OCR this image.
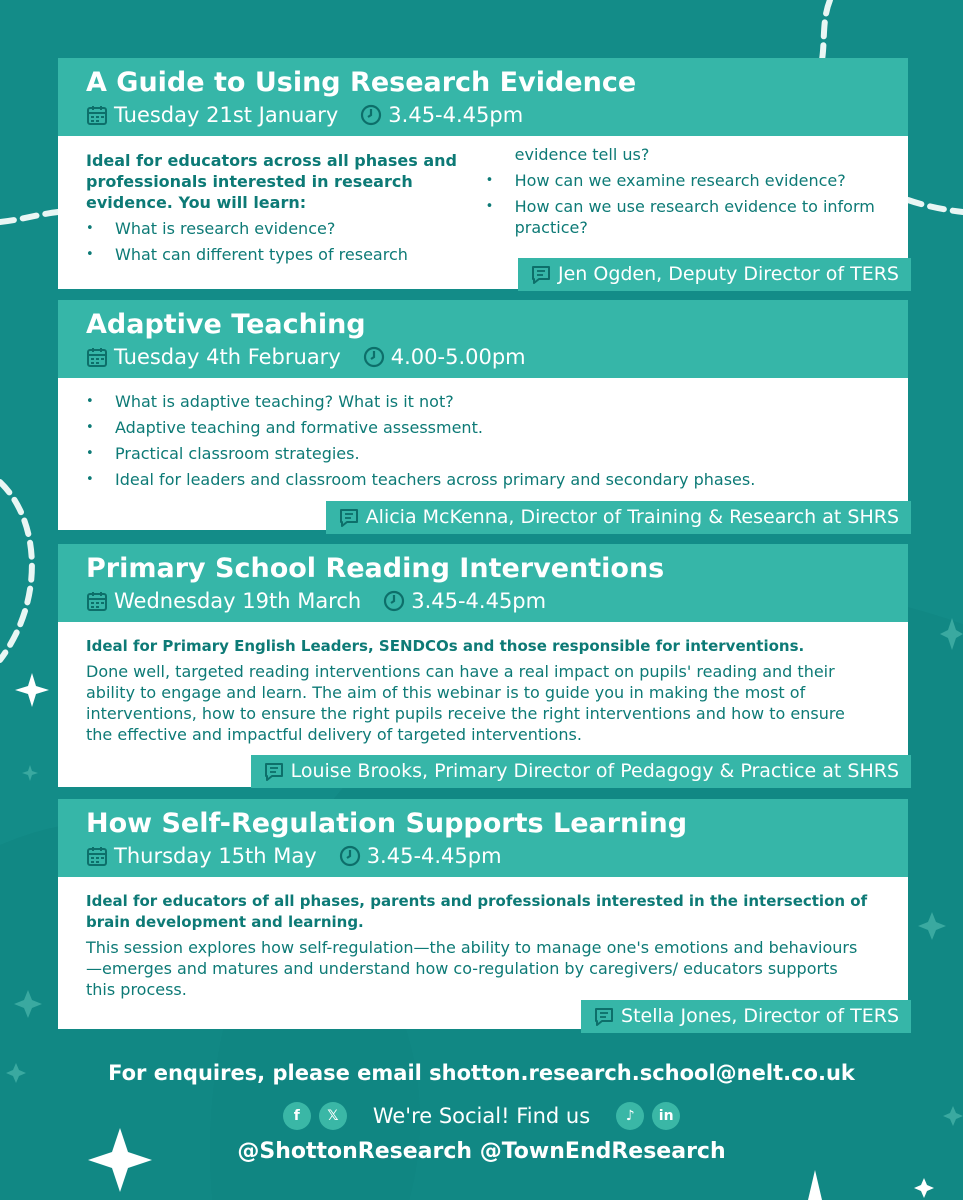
A Guide to Using Research Evidence
Tuesday 21st January 3.45-4.45pm
Ideal for educators across all phases and professionals interested in research evidence. You will learn:
• What is research evidence?
• What can different types of research
evidence tell us?
• How can we examine research evidence?
• How can we use research evidence to inform practice?
Jen Ogden, Deputy Director of TERS
Adaptive Teaching
Tuesday 4th February 4.00-5.00pm
• What is adaptive teaching? What is it not?
• Adaptive teaching and formative assessment.
• Practical classroom strategies.
• Ideal for leaders and classroom teachers across primary and secondary phases.
Alicia McKenna, Director of Training & Research at SHRS
Primary School Reading Interventions
Wednesday 19th March 3.45-4.45pm
Ideal for Primary English Leaders, SENDCOs and those responsible for interventions.
Done well, targeted reading interventions can have a real impact on pupils' reading and their ability to engage and learn. The aim of this webinar is to guide you in making the most of interventions, how to ensure the right pupils receive the right interventions and how to ensure the effective and impactful delivery of targeted interventions.
Louise Brooks, Primary Director of Pedagogy & Practice at SHRS
How Self-Regulation Supports Learning
Thursday 15th May 3.45-4.45pm
Ideal for educators of all phases, parents and professionals interested in the intersection of brain development and learning.
This session explores how self-regulation—the ability to manage one's emotions and behaviours—emerges and matures and understand how co-regulation by caregivers/ educators supports this process.
Stella Jones, Director of TERS
For enquires, please email shotton.research.school@nelt.co.uk
f	𝕏	We're Social! Find us	♪	in
@ShottonResearch @TownEndResearch
